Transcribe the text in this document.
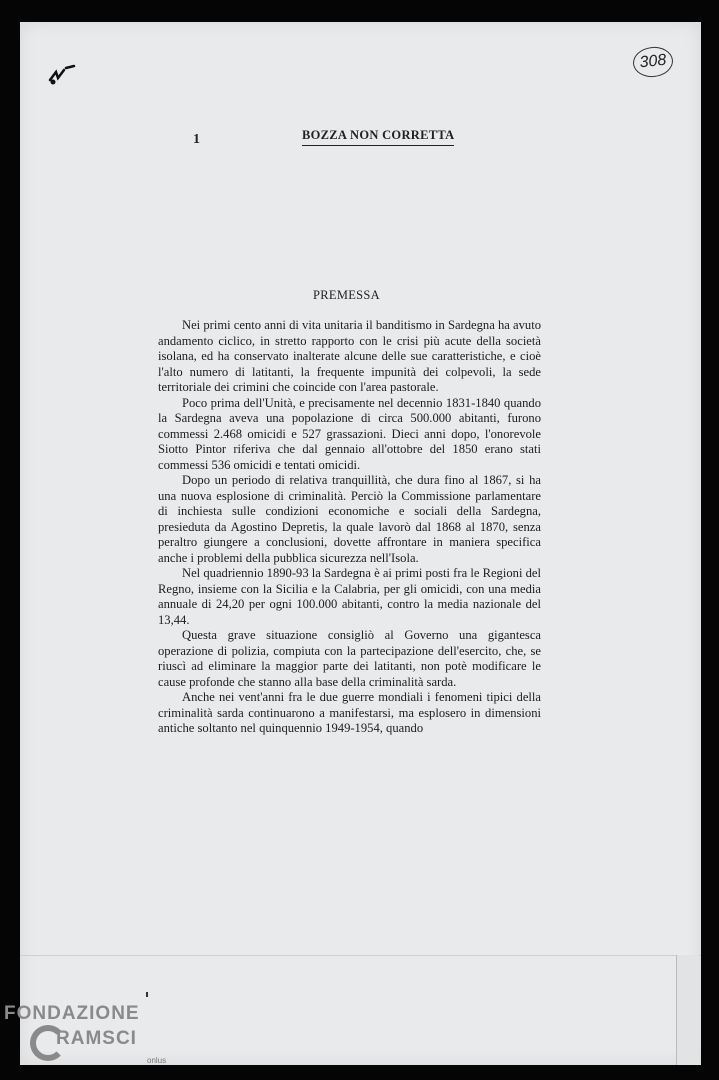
308
1	BOZZA NON CORRETTA
PREMESSA

Nei primi cento anni di vita unitaria il banditismo in Sardegna ha avuto andamento ciclico, in stretto rapporto con le crisi più acute della società isolana, ed ha conservato inalterate alcune delle sue caratteristiche, e cioè l'alto numero di latitanti, la frequente impunità dei colpevoli, la sede territoriale dei crimini che coincide con l'area pastorale.

Poco prima dell'Unità, e precisamente nel decennio 1831-1840 quando la Sardegna aveva una popolazione di circa 500.000 abitanti, furono commessi 2.468 omicidi e 527 grassazioni. Dieci anni dopo, l'onorevole Siotto Pintor riferiva che dal gennaio all'ottobre del 1850 erano stati commessi 536 omicidi e tentati omicidi.

Dopo un periodo di relativa tranquillità, che dura fino al 1867, si ha una nuova esplosione di criminalità. Perciò la Commissione parlamentare di inchiesta sulle condizioni economiche e sociali della Sardegna, presieduta da Agostino Depretis, la quale lavorò dal 1868 al 1870, senza peraltro giungere a conclusioni, dovette affrontare in maniera specifica anche i problemi della pubblica sicurezza nell'Isola.

Nel quadriennio 1890-93 la Sardegna è ai primi posti fra le Regioni del Regno, insieme con la Sicilia e la Calabria, per gli omicidi, con una media annuale di 24,20 per ogni 100.000 abitanti, contro la media nazionale del 13,44.

Questa grave situazione consigliò al Governo una gigantesca operazione di polizia, compiuta con la partecipazione dell'esercito, che, se riuscì ad eliminare la maggior parte dei latitanti, non potè modificare le cause profonde che stanno alla base della criminalità sarda.

Anche nei vent'anni fra le due guerre mondiali i fenomeni tipici della criminalità sarda continuarono a manifestarsi, ma esplosero in dimensioni antiche soltanto nel quinquennio 1949-1954, quando

FONDAZIONE
RAMSCI
onlus
